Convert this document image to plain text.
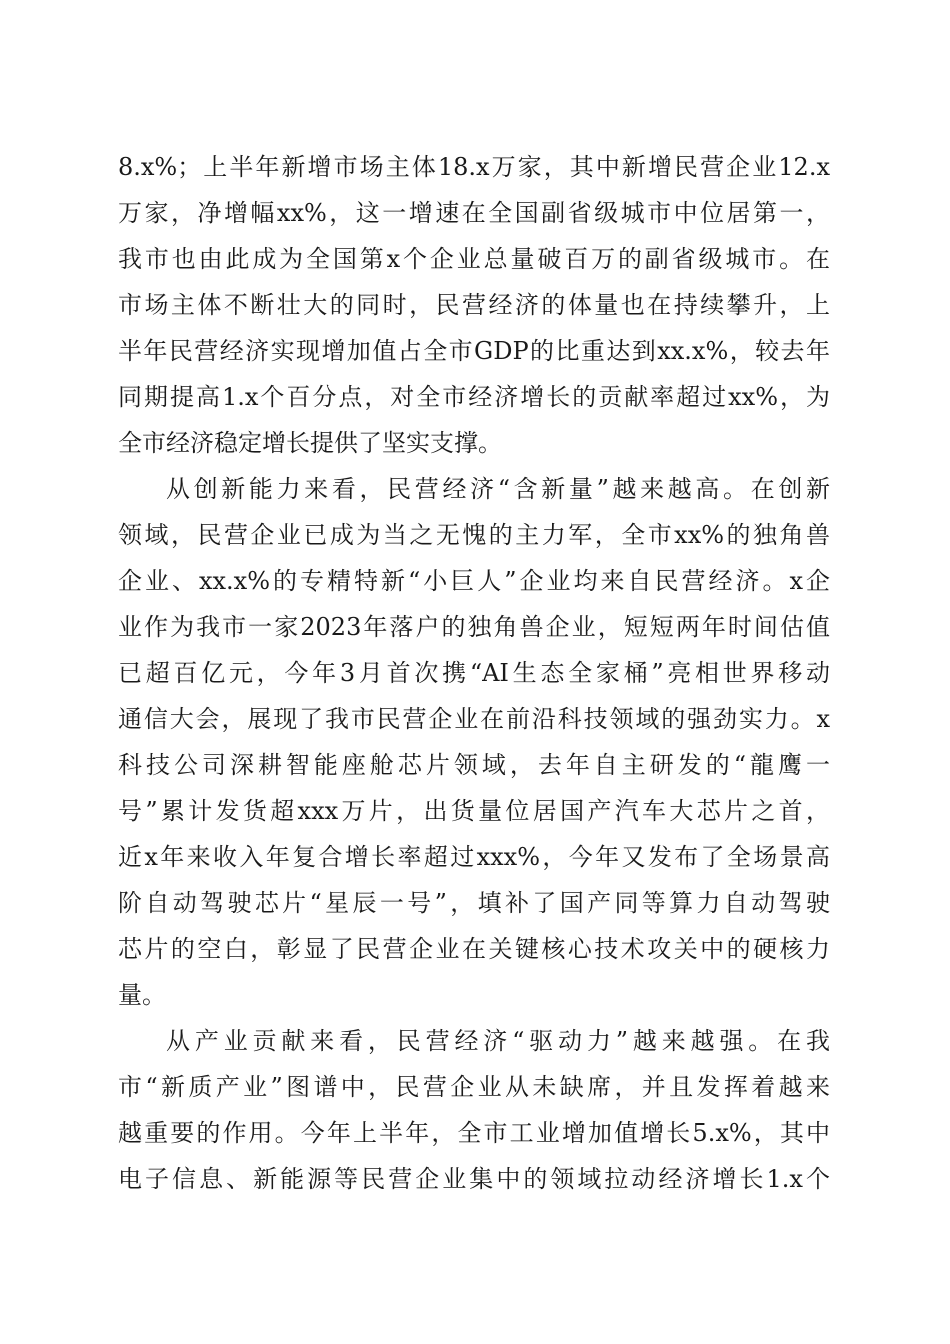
8.x%；上半年新增市场主体18.x万家，其中新增民营企业12.x
万家，净增幅xx%，这一增速在全国副省级城市中位居第一，
我市也由此成为全国第x个企业总量破百万的副省级城市。在
市场主体不断壮大的同时，民营经济的体量也在持续攀升，上
半年民营经济实现增加值占全市GDP的比重达到xx.x%，较去年
同期提高1.x个百分点，对全市经济增长的贡献率超过xx%，为
全市经济稳定增长提供了坚实支撑。
从创新能力来看，民营经济“含新量”越来越高。在创新
领域，民营企业已成为当之无愧的主力军，全市xx%的独角兽
企业、xx.x%的专精特新“小巨人”企业均来自民营经济。x企
业作为我市一家2023年落户的独角兽企业，短短两年时间估值
已超百亿元，今年3月首次携“AI生态全家桶”亮相世界移动
通信大会，展现了我市民营企业在前沿科技领域的强劲实力。x
科技公司深耕智能座舱芯片领域，去年自主研发的“龍鹰一
号”累计发货超xxx万片，出货量位居国产汽车大芯片之首，
近x年来收入年复合增长率超过xxx%，今年又发布了全场景高
阶自动驾驶芯片“星辰一号”，填补了国产同等算力自动驾驶
芯片的空白，彰显了民营企业在关键核心技术攻关中的硬核力
量。
从产业贡献来看，民营经济“驱动力”越来越强。在我
市“新质产业”图谱中，民营企业从未缺席，并且发挥着越来
越重要的作用。今年上半年，全市工业增加值增长5.x%，其中
电子信息、新能源等民营企业集中的领域拉动经济增长1.x个
